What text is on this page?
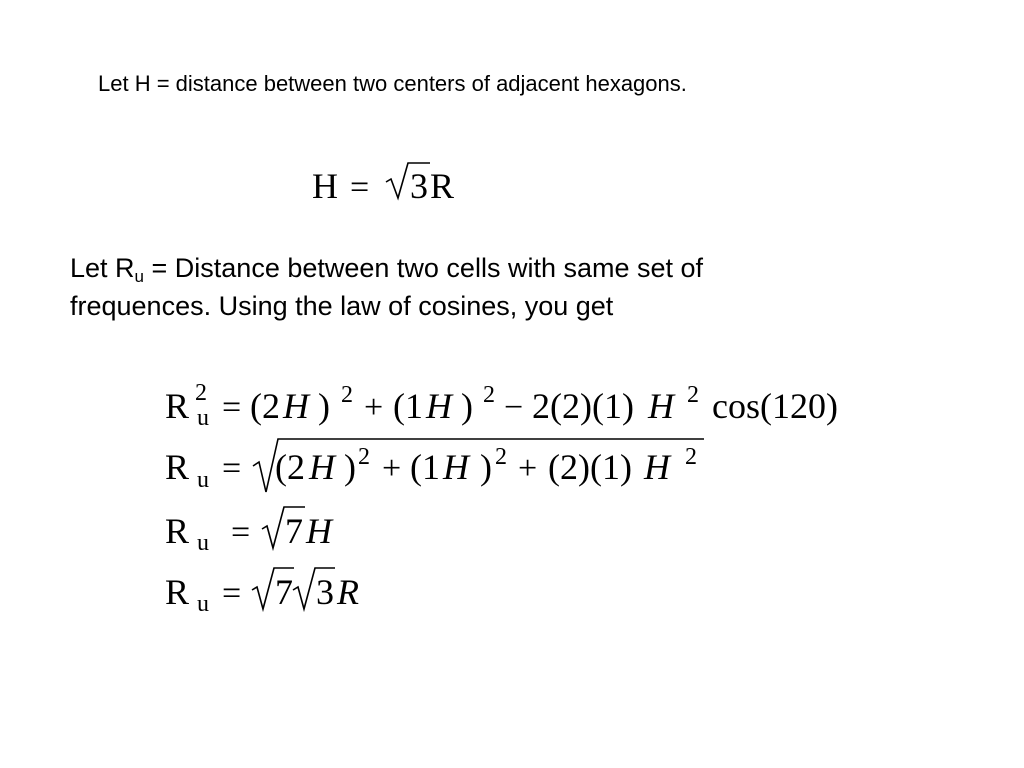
Let H = distance between two centers of adjacent hexagons.
H = 3 R
Let $R_u$ = Distance between two cells with same set of
frequences. Using the law of cosines, you get
R 2
u = (2 H ) 2 + (1 H ) 2 − 2(2)(1) H 2 cos(120)
R u = (2 H ) 2 + (1 H ) 2 + (2)(1) H 2
R u = 7 H
R u = 7 3 R
